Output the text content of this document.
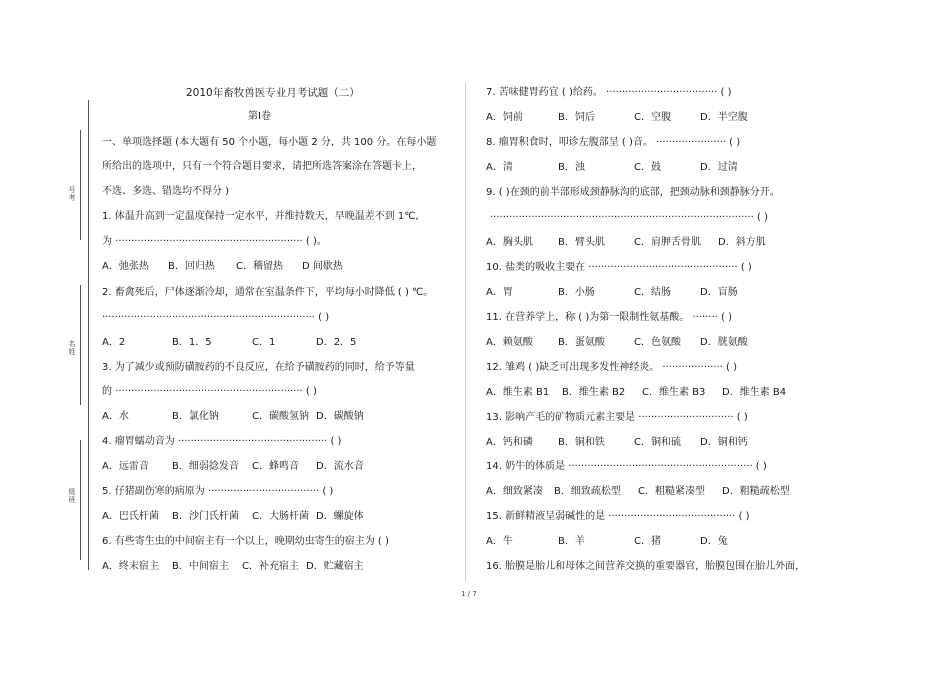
号考
名姓
级班
2010年畜牧兽医专业月考试题（二）
第Ⅰ卷
一、单项选择题 (本大题有 50 个小题，每小题 2 分，共 100 分。在每小题
所给出的选项中，只有一个符合题目要求，请把所选答案涂在答题卡上，
不选、多选、错选均不得分 )
1. 体温升高到一定温度保持一定水平，并维持数天，早晚温差不到 1℃,
为 ··························································· ( )。
A．弛张热 B．回归热 C．稽留热 D 间歇热
2. 畜禽死后，尸体逐渐冷却，通常在室温条件下，平均每小时降低 ( ) ℃。
··································································· ( )
A．2	B．1．5	C．1	D．2．5
3. 为了减少或预防磺胺药的不良反应，在给予磺胺药的同时，给予等量
的 ··························································· ( )
A．水	B．氯化钠	C．碳酸氢钠 D．碳酸钠
4. 瘤胃蠕动音为 ··············································· ( )
A．远雷音 B．细弱捻发音 C．蜂鸣音 D．流水音
5. 仔猪副伤寒的病原为 ··································· ( )
A．巴氏杆菌 B．沙门氏杆菌 C．大肠杆菌 D．螺旋体
6. 有些寄生虫的中间宿主有一个以上，晚期幼虫寄生的宿主为 ( )
A．终末宿主 B．中间宿主 C．补充宿主 D．贮藏宿主
7. 苦味健胃药宜 ( )给药。 ··································· ( )
A．饲前	B．饲后	C．空腹	D．半空腹
8. 瘤胃积食时，叩诊左腹部呈 ( )音。 ······················ ( )
A．清	B．浊	C．鼓	D．过清
9. ( )在颈的前半部形成颈静脉沟的底部，把颈动脉和颈静脉分开。
··················································································· ( )
A．胸头肌	B．臂头肌	C．肩胛舌骨肌 D．斜方肌
10. 盐类的吸收主要在 ··············································· ( )
A．胃	B．小肠	C．结肠	D．盲肠
11. 在营养学上，称 ( )为第一限制性氨基酸。 ········ ( )
A．赖氨酸	B．蛋氨酸	C．色氨酸 D．胱氨酸
12. 雏鸡 ( )缺乏可出现多发性神经炎。 ··················· ( )
A．维生素 B1 B．维生素 B2 C．维生素 B3 D．维生素 B4
13. 影响产毛的矿物质元素主要是 ······························ ( )
A．钙和磷	B．铜和铁	C．铜和硫 D．铜和钙
14. 奶牛的体质是 ·························································· ( )
A．细致紧凑 B．细致疏松型 C．粗糙紧凑型 D．粗糙疏松型
15. 新鲜精液呈弱碱性的是 ········································ ( )
A．牛	B．羊	C．猪	D．兔
16. 胎膜是胎儿和母体之间营养交换的重要器官，胎膜包围在胎儿外面，
1 / 7
